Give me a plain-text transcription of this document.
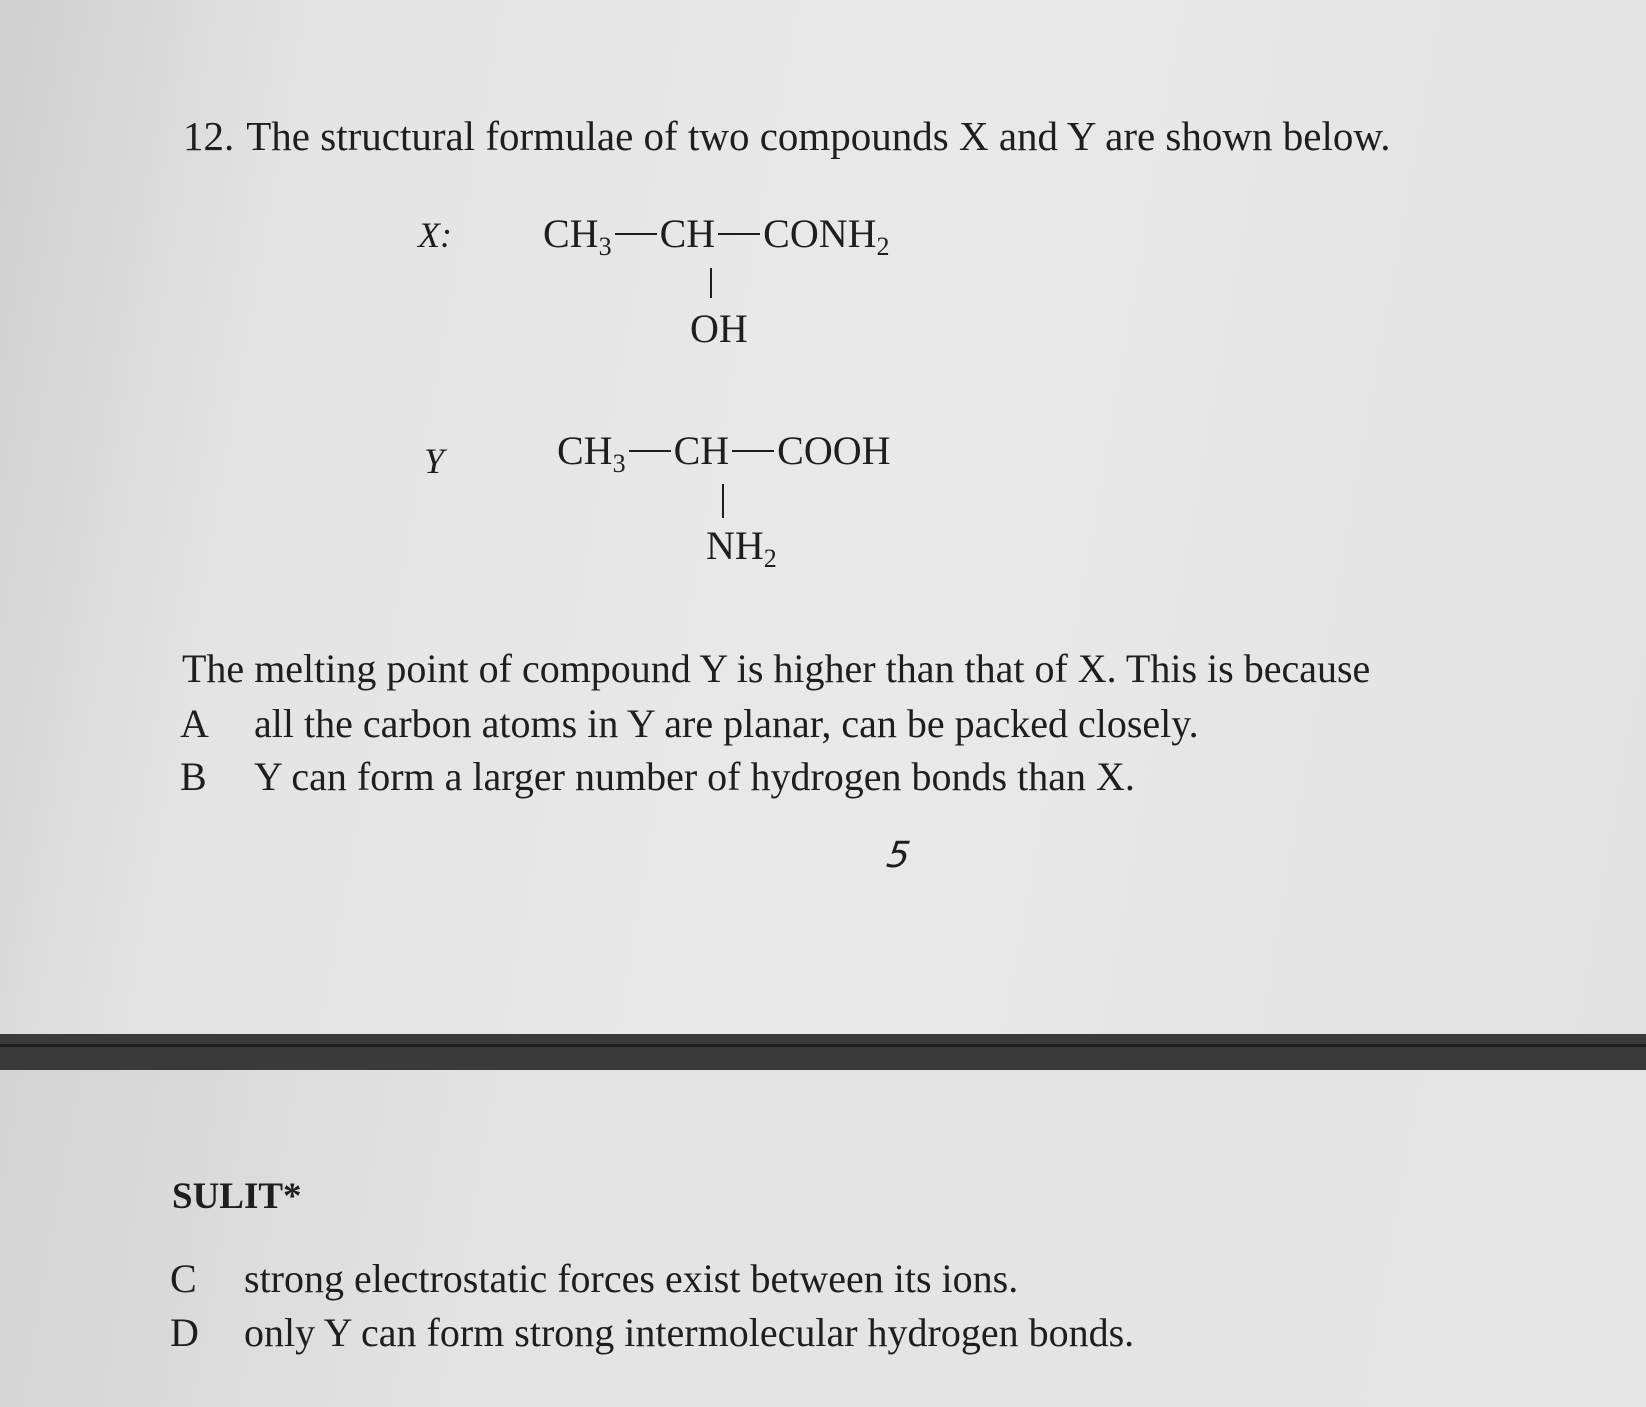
12. The structural formulae of two compounds X and Y are shown below.
X: $CH_3$ CH $CONH_2$
OH
Y	$CH_3$ CH COOH
$NH_2$
The melting point of compound Y is higher than that of X. This is because
A all the carbon atoms in Y are planar, can be packed closely.
B Y can form a larger number of hydrogen bonds than X.
5
SULIT*
C strong electrostatic forces exist between its ions.
D only Y can form strong intermolecular hydrogen bonds.
